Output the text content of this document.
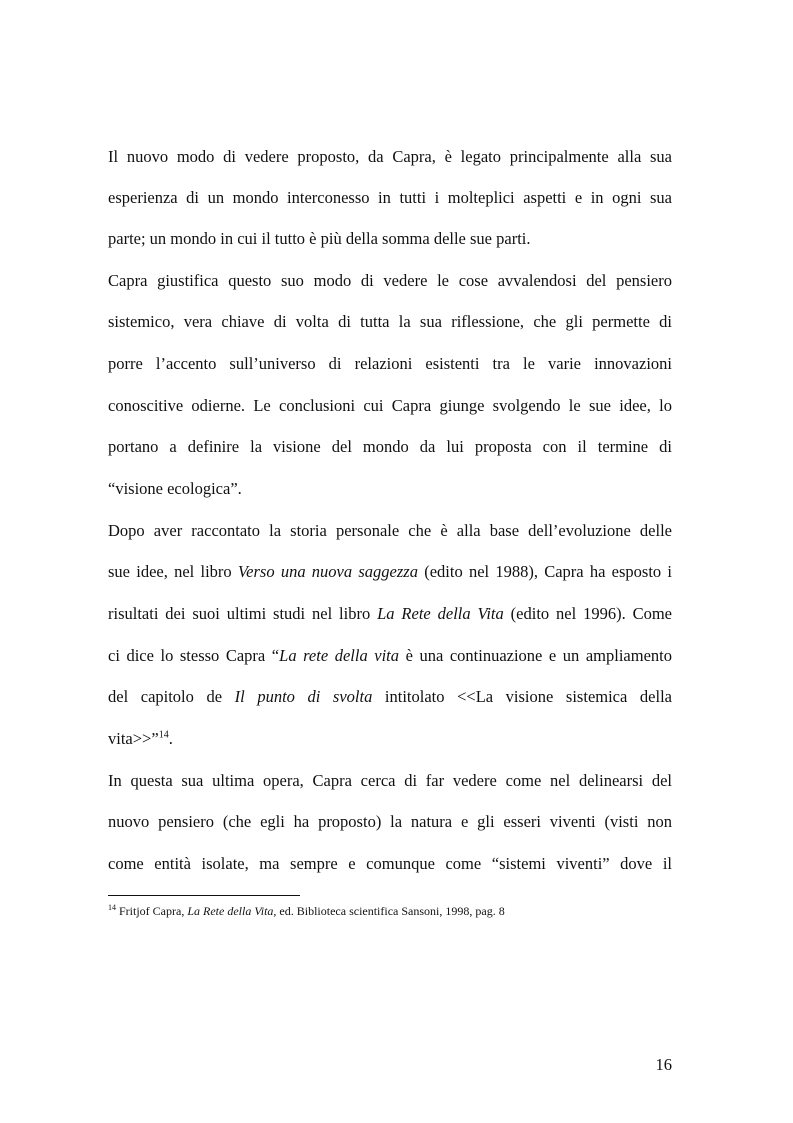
Il nuovo modo di vedere proposto, da Capra, è legato principalmente alla sua
esperienza di un mondo interconesso in tutti i molteplici aspetti e in ogni sua
parte; un mondo in cui il tutto è più della somma delle sue parti.
Capra giustifica questo suo modo di vedere le cose avvalendosi del pensiero
sistemico, vera chiave di volta di tutta la sua riflessione, che gli permette di
porre l’accento sull’universo di relazioni esistenti tra le varie innovazioni
conoscitive odierne. Le conclusioni cui Capra giunge svolgendo le sue idee, lo
portano a definire la visione del mondo da lui proposta con il termine di
“visione ecologica”.
Dopo aver raccontato la storia personale che è alla base dell’evoluzione delle
sue idee, nel libro Verso una nuova saggezza (edito nel 1988), Capra ha esposto i
risultati dei suoi ultimi studi nel libro La Rete della Vita (edito nel 1996). Come
ci dice lo stesso Capra “La rete della vita è una continuazione e un ampliamento
del capitolo de Il punto di svolta intitolato <<La visione sistemica della
vita>>”$^{14}$.
In questa sua ultima opera, Capra cerca di far vedere come nel delinearsi del
nuovo pensiero (che egli ha proposto) la natura e gli esseri viventi (visti non
come entità isolate, ma sempre e comunque come “sistemi viventi” dove il
$^{14}$ Fritjof Capra, La Rete della Vita, ed. Biblioteca scientifica Sansoni, 1998, pag. 8
16
